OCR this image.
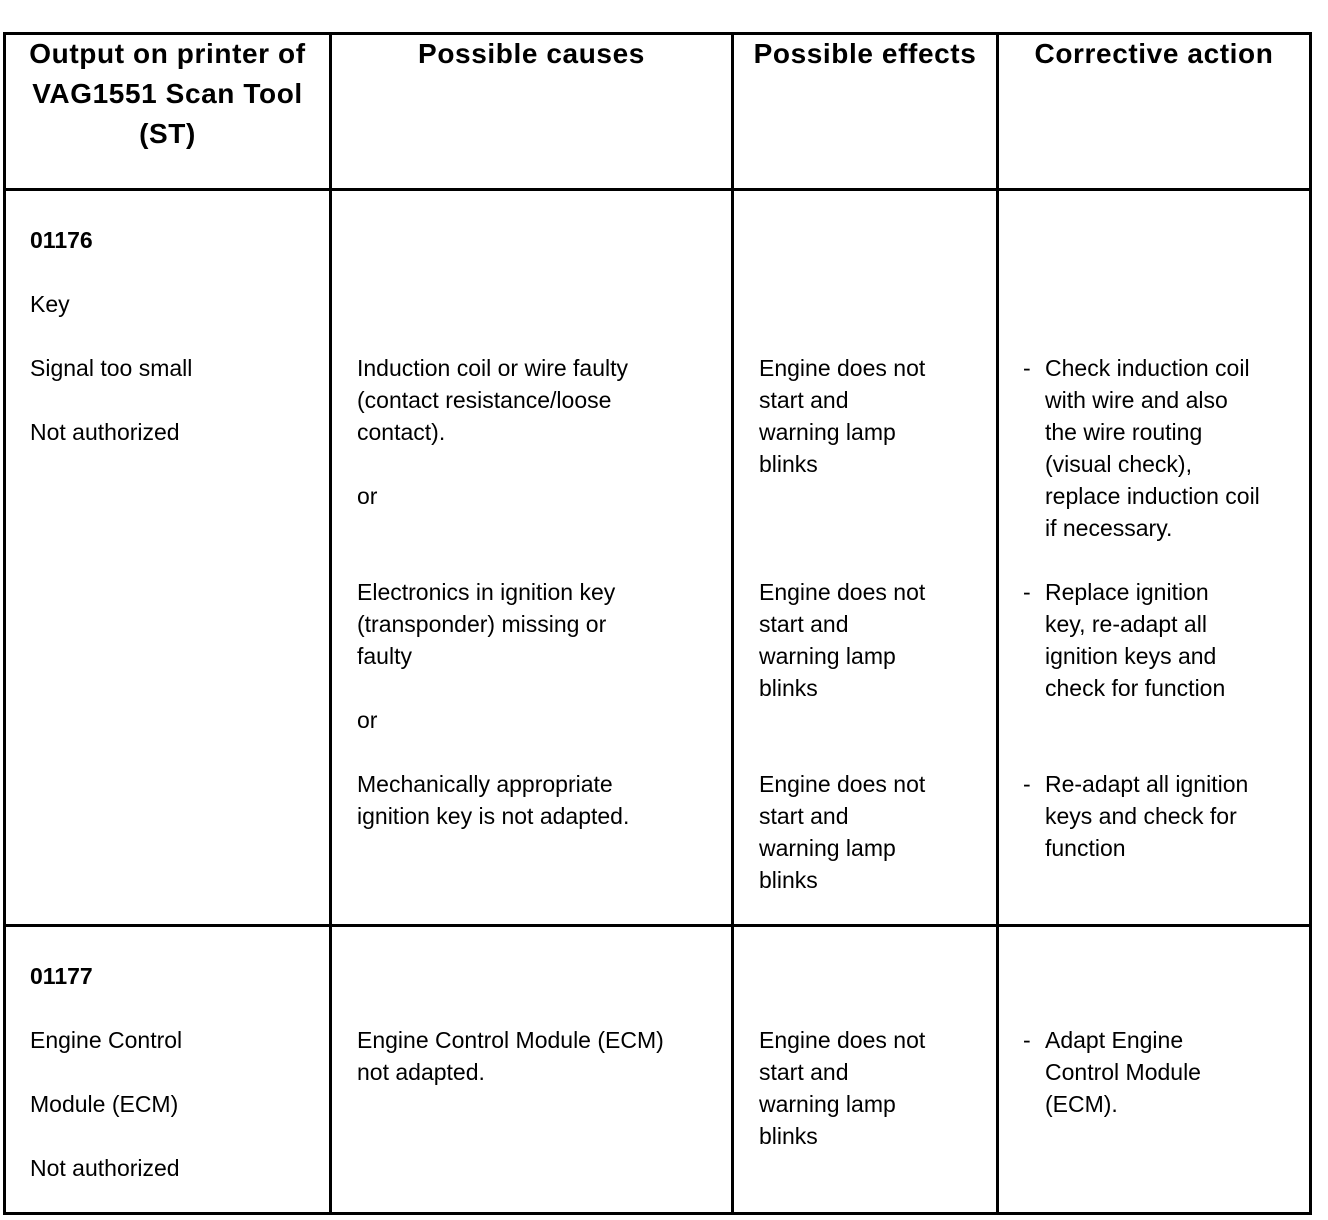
Output on printer of
VAG1551 Scan Tool
(ST)
Possible causes	Possible effects	Corrective action
01176
Key
Signal too small
Not authorized
Induction coil or wire faulty
(contact resistance/loose
contact).
or
Electronics in ignition key
(transponder) missing or
faulty
or
Mechanically appropriate
ignition key is not adapted.
Engine does not
start and
warning lamp
blinks
Engine does not
start and
warning lamp
blinks
Engine does not
start and
warning lamp
blinks
- Check induction coil
with wire and also
the wire routing
(visual check),
replace induction coil
if necessary.
- Replace ignition
key, re-adapt all
ignition keys and
check for function
- Re-adapt all ignition
keys and check for
function
01177
Engine Control
Module (ECM)
Not authorized
Engine Control Module (ECM)
not adapted.
Engine does not
start and
warning lamp
blinks
- Adapt Engine
Control Module
(ECM).
